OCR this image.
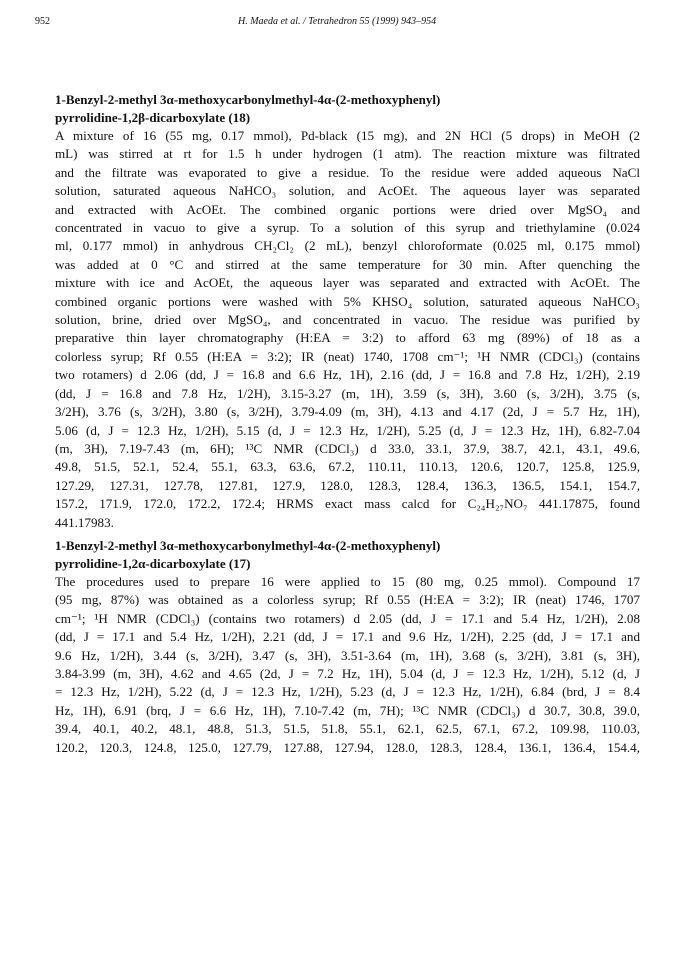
952	H. Maeda et al. / Tetrahedron 55 (1999) 943–954
1-Benzyl-2-methyl 3α-methoxycarbonylmethyl-4α-(2-methoxyphenyl)
pyrrolidine-1,2β-dicarboxylate (18)
A mixture of 16 (55 mg, 0.17 mmol), Pd-black (15 mg), and 2N HCl (5 drops) in MeOH (2
mL) was stirred at rt for 1.5 h under hydrogen (1 atm). The reaction mixture was filtrated
and the filtrate was evaporated to give a residue. To the residue were added aqueous NaCl
solution, saturated aqueous NaHCO₃ solution, and AcOEt. The aqueous layer was separated
and extracted with AcOEt. The combined organic portions were dried over MgSO₄ and
concentrated in vacuo to give a syrup. To a solution of this syrup and triethylamine (0.024
ml, 0.177 mmol) in anhydrous CH₂Cl₂ (2 mL), benzyl chloroformate (0.025 ml, 0.175 mmol)
was added at 0 °C and stirred at the same temperature for 30 min. After quenching the
mixture with ice and AcOEt, the aqueous layer was separated and extracted with AcOEt. The
combined organic portions were washed with 5% KHSO₄ solution, saturated aqueous NaHCO₃
solution, brine, dried over MgSO₄, and concentrated in vacuo. The residue was purified by
preparative thin layer chromatography (H:EA = 3:2) to afford 63 mg (89%) of 18 as a
colorless syrup; Rf 0.55 (H:EA = 3:2); IR (neat) 1740, 1708 cm⁻¹; ¹H NMR (CDCl₃) (contains
two rotamers) d 2.06 (dd, J = 16.8 and 6.6 Hz, 1H), 2.16 (dd, J = 16.8 and 7.8 Hz, 1/2H), 2.19
(dd, J = 16.8 and 7.8 Hz, 1/2H), 3.15-3.27 (m, 1H), 3.59 (s, 3H), 3.60 (s, 3/2H), 3.75 (s,
3/2H), 3.76 (s, 3/2H), 3.80 (s, 3/2H), 3.79-4.09 (m, 3H), 4.13 and 4.17 (2d, J = 5.7 Hz, 1H),
5.06 (d, J = 12.3 Hz, 1/2H), 5.15 (d, J = 12.3 Hz, 1/2H), 5.25 (d, J = 12.3 Hz, 1H), 6.82-7.04
(m, 3H), 7.19-7.43 (m, 6H); ¹³C NMR (CDCl₃) d 33.0, 33.1, 37.9, 38.7, 42.1, 43.1, 49.6,
49.8, 51.5, 52.1, 52.4, 55.1, 63.3, 63.6, 67.2, 110.11, 110.13, 120.6, 120.7, 125.8, 125.9,
127.29, 127.31, 127.78, 127.81, 127.9, 128.0, 128.3, 128.4, 136.3, 136.5, 154.1, 154.7,
157.2, 171.9, 172.0, 172.2, 172.4; HRMS exact mass calcd for C₂₄H₂₇NO₇ 441.17875, found
441.17983.
1-Benzyl-2-methyl 3α-methoxycarbonylmethyl-4α-(2-methoxyphenyl)
pyrrolidine-1,2α-dicarboxylate (17)
The procedures used to prepare 16 were applied to 15 (80 mg, 0.25 mmol). Compound 17
(95 mg, 87%) was obtained as a colorless syrup; Rf 0.55 (H:EA = 3:2); IR (neat) 1746, 1707
cm⁻¹; ¹H NMR (CDCl₃) (contains two rotamers) d 2.05 (dd, J = 17.1 and 5.4 Hz, 1/2H), 2.08
(dd, J = 17.1 and 5.4 Hz, 1/2H), 2.21 (dd, J = 17.1 and 9.6 Hz, 1/2H), 2.25 (dd, J = 17.1 and
9.6 Hz, 1/2H), 3.44 (s, 3/2H), 3.47 (s, 3H), 3.51-3.64 (m, 1H), 3.68 (s, 3/2H), 3.81 (s, 3H),
3.84-3.99 (m, 3H), 4.62 and 4.65 (2d, J = 7.2 Hz, 1H), 5.04 (d, J = 12.3 Hz, 1/2H), 5.12 (d, J
= 12.3 Hz, 1/2H), 5.22 (d, J = 12.3 Hz, 1/2H), 5.23 (d, J = 12.3 Hz, 1/2H), 6.84 (brd, J = 8.4
Hz, 1H), 6.91 (brq, J = 6.6 Hz, 1H), 7.10-7.42 (m, 7H); ¹³C NMR (CDCl₃) d 30.7, 30.8, 39.0,
39.4, 40.1, 40.2, 48.1, 48.8, 51.3, 51.5, 51.8, 55.1, 62.1, 62.5, 67.1, 67.2, 109.98, 110.03,
120.2, 120.3, 124.8, 125.0, 127.79, 127.88, 127.94, 128.0, 128.3, 128.4, 136.1, 136.4, 154.4,
